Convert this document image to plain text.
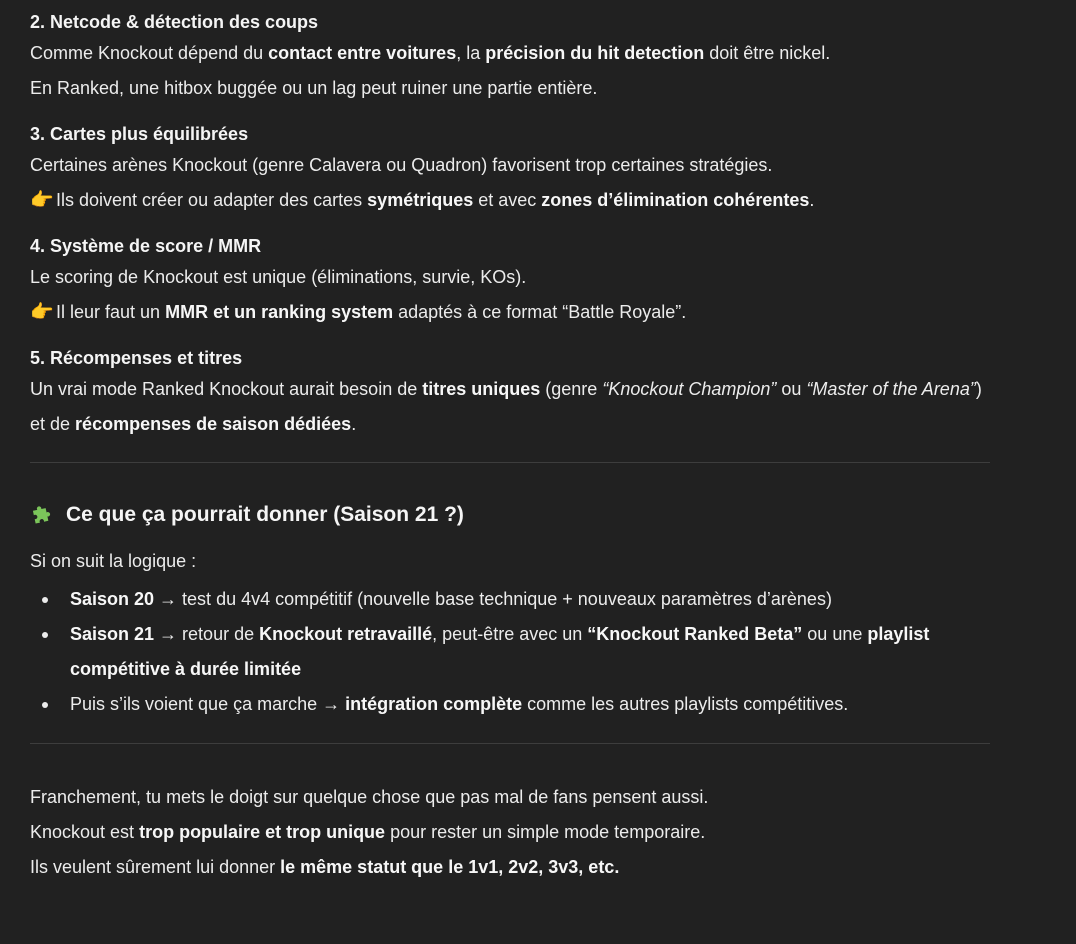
2. Netcode & détection des coups

Comme Knockout dépend du contact entre voitures, la précision du hit detection doit être nickel.

En Ranked, une hitbox buggée ou un lag peut ruiner une partie entière.

3. Cartes plus équilibrées

Certaines arènes Knockout (genre Calavera ou Quadron) favorisent trop certaines stratégies.

👉 Ils doivent créer ou adapter des cartes symétriques et avec zones d’élimination cohérentes.

4. Système de score / MMR

Le scoring de Knockout est unique (éliminations, survie, KOs).

👉 Il leur faut un MMR et un ranking system adaptés à ce format “Battle Royale”.

5. Récompenses et titres

Un vrai mode Ranked Knockout aurait besoin de titres uniques (genre “Knockout Champion” ou “Master of the Arena”) et de récompenses de saison dédiées.

Ce que ça pourrait donner (Saison 21 ?)

Si on suit la logique :

Saison 20 → test du 4v4 compétitif (nouvelle base technique + nouveaux paramètres d’arènes)
Saison 21 → retour de Knockout retravaillé, peut-être avec un “Knockout Ranked Beta” ou une playlist compétitive à durée limitée
Puis s’ils voient que ça marche → intégration complète comme les autres playlists compétitives.

Franchement, tu mets le doigt sur quelque chose que pas mal de fans pensent aussi.

Knockout est trop populaire et trop unique pour rester un simple mode temporaire.

Ils veulent sûrement lui donner le même statut que le 1v1, 2v2, 3v3, etc.
